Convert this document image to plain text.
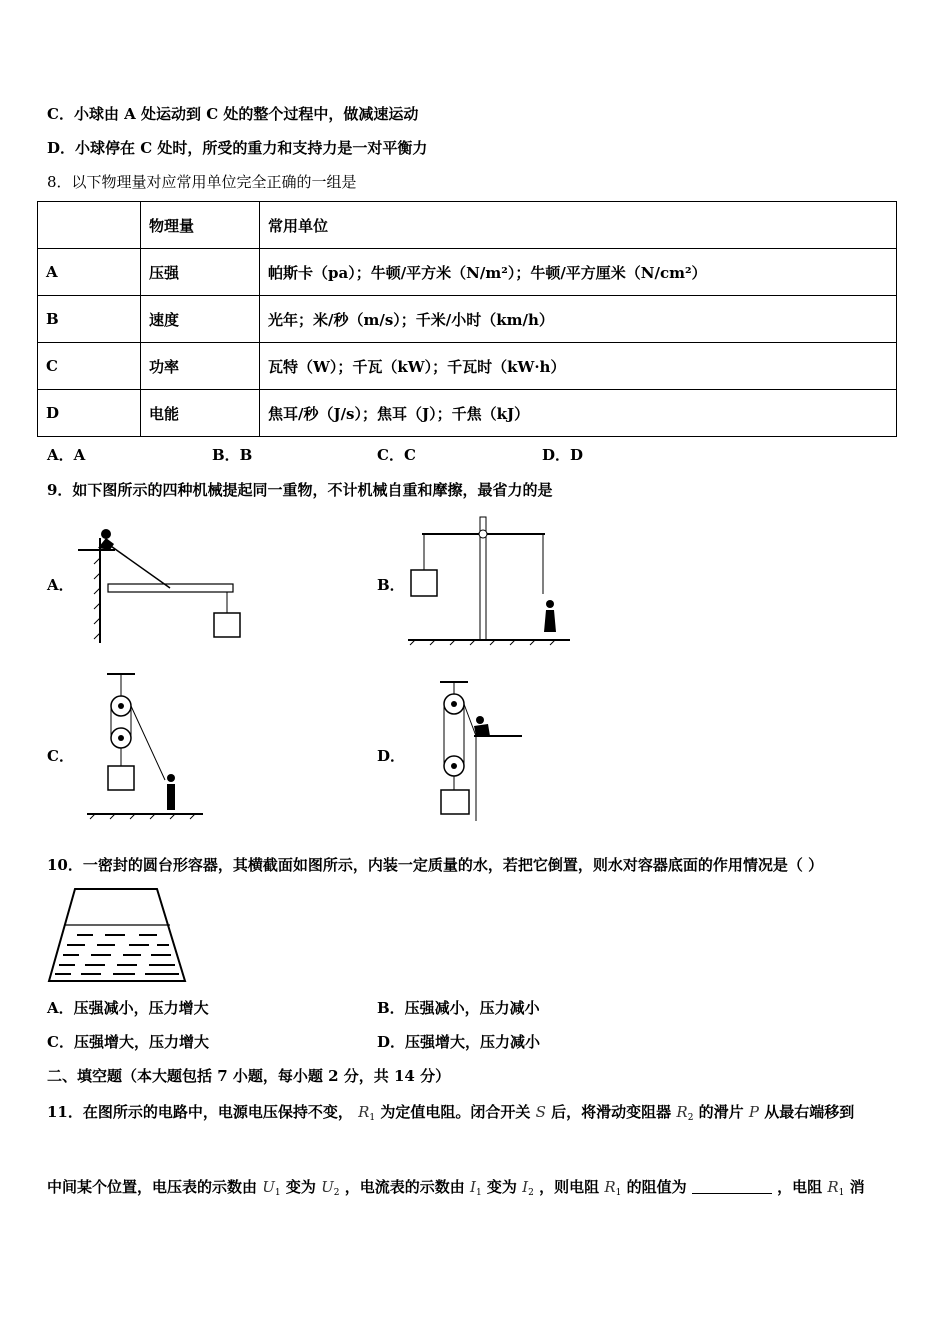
C．小球由 A 处运动到 C 处的整个过程中，做减速运动
D．小球停在 C 处时，所受的重力和支持力是一对平衡力
8．以下物理量对应常用单位完全正确的一组是
	物理量	常用单位
A	压强	帕斯卡（pa）；牛顿/平方米（N/m²）；牛顿/平方厘米（N/cm²）
B	速度	光年；米/秒（m/s）；千米/小时（km/h）
C	功率	瓦特（W）；千瓦（kW）；千瓦时（kW·h）
D	电能	焦耳/秒（J/s）；焦耳（J）；千焦（kJ）
A．A	B．B	C．C	D．D
9．如下图所示的四种机械提起同一重物，不计机械自重和摩擦，最省力的是
A．	B．
C．	D．
10．一密封的圆台形容器，其横截面如图所示，内装一定质量的水，若把它倒置，则水对容器底面的作用情况是（ ）
A．压强减小，压力增大	B．压强减小，压力减小
C．压强增大，压力增大	D．压强增大，压力减小
二、填空题（本大题包括 7 小题，每小题 2 分，共 14 分）
11．在图所示的电路中，电源电压保持不变， $R_1$ 为定值电阻。闭合开关 S 后，将滑动变阻器 $R_2$ 的滑片 P 从最右端移到
中间某个位置，电压表的示数由 $U_1$ 变为 $U_2$ ，电流表的示数由 $I_1$ 变为 $I_2$ ，则电阻 $R_1$ 的阻值为	，电阻 $R_1$ 消
